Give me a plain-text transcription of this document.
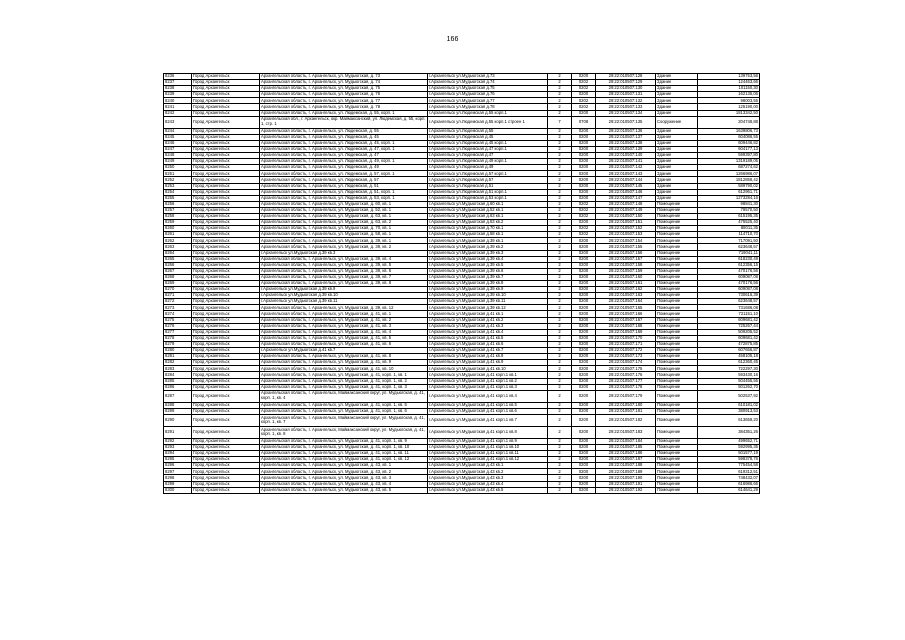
166
8236	Город Архангельск	Архангельская область, г. Архангельск, ул. Мудьюгская, д. 73	г.Архангельск ул.Мудьюгская д.73	2	0200	29:22:010507:128	Здание	139753,56
8237	Город Архангельск	Архангельская область, г. Архангельск, ул. Мудьюгская, д. 74	г.Архангельск ул.Мудьюгская д.74	2	0202	29:22:010507:129	Здание	124463,66
8238	Город Архангельск	Архангельская область, г. Архангельск, ул. Мудьюгская, д. 75	г.Архангельск ул.Мудьюгская д.75	2	0202	29:22:010507:130	Здание	101150,30
8239	Город Архангельск	Архангельская область, г. Архангельск, ул. Мудьюгская, д. 76	г.Архангельск ул.Мудьюгская д.76	2	0200	29:22:010507:131	Здание	162135,06
8240	Город Архангельск	Архангельская область, г. Архангельск, ул. Мудьюгская, д. 77	г.Архангельск ул.Мудьюгская д.77	2	0202	29:22:010507:132	Здание	98003,55
8241	Город Архангельск	Архангельская область, г. Архангельск, ул. Мудьюгская, д. 78	г.Архангельск ул.Мудьюгская д.78	2	0202	29:22:010507:133	Здание	125190,00
8242	Город Архангельск	Архангельская область, г. Архангельск, ул. Людемская, д. 55, корп. 1	г.Архангельск ул.Людемская д.55 корп.1	2	0200	29:22:010507:134	Здание	1813342,50
8243	Город Архангельск	Архангельская обл., г. Архангельск, окр. Маймаксанский, ул. Людемская, д. 55, корп. 1, стр. 1	г.Архангельск ул.Людемская д.55 корп.1 строен 1	7	0708	29:22:010507:135	Сооружение	204748,88
8244	Город Архангельск	Архангельская область, г. Архангельск, ул. Людемская, д. 55	г.Архангельск ул.Людемская д.55	2	0200	29:22:010507:136	Здание	1639806,73
8245	Город Архангельск	Архангельская область, г. Архангельск, ул. Людемская, д. 45	г.Архангельск ул.Людемская д.45	2	0200	29:22:010507:137	Здание	604086,55
8246	Город Архангельск	Архангельская область, г. Архангельск, ул. Людемская, д. 45, корп. 1	г.Архангельск ул.Людемская д.45 корп.1	2	0200	29:22:010507:138	Здание	609446,82
8247	Город Архангельск	Архангельская область, г. Архангельск, ул. Людемская, д. 47, корп. 1	г.Архангельск ул.Людемская д.47 корп.1	2	0200	29:22:010507:139	Здание	604177,13
8248	Город Архангельск	Архангельская область, г. Архангельск, ул. Людемская, д. 47	г.Архангельск ул.Людемская д.47	2	0200	29:22:010507:140	Здание	599397,80
8249	Город Архангельск	Архангельская область, г. Архангельск, ул. Людемская, д. 49, корп. 1	г.Архангельск ул.Людемская д.49 корп.1	2	0200	29:22:010507:141	Здание	1319189,05
8250	Город Архангельск	Архангельская область, г. Архангельск, ул. Людемская, д. 49	г.Архангельск ул.Людемская д.49	2	0200	29:22:010507:142	Здание	687274,62
8251	Город Архангельск	Архангельская область, г. Архангельск, ул. Людемская, д. 57, корп. 1	г.Архангельск ул.Людемская д.57 корп.1	2	0200	29:22:010507:143	Здание	1266986,07
8252	Город Архангельск	Архангельская область, г. Архангельск, ул. Людемская, д. 57	г.Архангельск ул.Людемская д.57	2	0200	29:22:010507:144	Здание	1812858,42
8253	Город Архангельск	Архангельская область, г. Архангельск, ул. Людемская, д. 51	г.Архангельск ул.Людемская д.51	2	0200	29:22:010507:145	Здание	589790,02
8254	Город Архангельск	Архангельская область, г. Архангельск, ул. Людемская, д. 51, корп. 1	г.Архангельск ул.Людемская д.51 корп.1	2	0200	29:22:010507:146	Здание	612961,71
8255	Город Архангельск	Архангельская область, г. Архангельск, ул. Людемская, д. 53, корп. 1	г.Архангельск ул.Людемская д.53 корп.1	2	0200	29:22:010507:147	Здание	1273284,16
8256	Город Архангельск	Архангельская область, г. Архангельск, ул. Мудьюгская, д. 60, кв. 1	г.Архангельск ул.Мудьюгская д.60 кв.1	2	0202	29:22:010507:148	Помещение	98841,30
8257	Город Архангельск	Архангельская область, г. Архангельск, ул. Мудьюгская, д. 52, кв. 1	г.Архангельск ул.Мудьюгская д.52 кв.1	2	0202	29:22:010507:149	Помещение	79570,50
8258	Город Архангельск	Архангельская область, г. Архангельск, ул. Мудьюгская, д. 63, кв. 1	г.Архангельск ул.Мудьюгская д.63 кв.1	2	0202	29:22:010507:150	Помещение	615195,35
8259	Город Архангельск	Архангельская область, г. Архангельск, ул. Мудьюгская, д. 63, кв. 2	г.Архангельск ул.Мудьюгская д.63 кв.2	2	0200	29:22:010507:151	Помещение	475525,40
8260	Город Архангельск	Архангельская область, г. Архангельск, ул. Мудьюгская, д. 70, кв. 1	г.Архангельск ул.Мудьюгская д.70 кв.1	2	0202	29:22:010507:152	Помещение	88011,35
8261	Город Архангельск	Архангельская область, г. Архангельск, ул. Мудьюгская, д. 58, кв. 1	г.Архангельск ул.Мудьюгская д.58 кв.1	2	0202	29:22:010507:153	Помещение	114710,70
8262	Город Архангельск	Архангельская область, г. Архангельск, ул. Мудьюгская, д. 39, кв. 1	г.Архангельск ул.Мудьюгская д.39 кв.1	2	0200	29:22:010507:154	Помещение	717091,50
8263	Город Архангельск	Архангельская область, г. Архангельск, ул. Мудьюгская, д. 39, кв. 2	г.Архангельск ул.Мудьюгская д.39 кв.2	2	0200	29:22:010507:155	Помещение	623648,57
8264	Город Архангельск	г.Архангельск ул.Мудьюгская д.39 кв.3	г.Архангельск ул.Мудьюгская д.39 кв.3	2	0200	29:22:010507:156	Помещение	719041,11
8265	Город Архангельск	Архангельская область, г. Архангельск, ул. Мудьюгская, д. 39, кв. 4	г.Архангельск ул.Мудьюгская д.39 кв.4	2	0200	29:22:010507:157	Помещение	618230,49
8266	Город Архангельск	Архангельская область, г. Архангельск, ул. Мудьюгская, д. 39, кв. 5	г.Архангельск ул.Мудьюгская д.39 кв.5	2	0200	29:22:010507:158	Помещение	612356,15
8267	Город Архангельск	Архангельская область, г. Архангельск, ул. Мудьюгская, д. 39, кв. 6	г.Архангельск ул.Мудьюгская д.39 кв.6	2	0200	29:22:010507:159	Помещение	470176,56
8268	Город Архангельск	Архангельская область, г. Архангельск, ул. Мудьюгская, д. 39, кв. 7	г.Архангельск ул.Мудьюгская д.39 кв.7	2	0200	29:22:010507:160	Помещение	609087,08
8269	Город Архангельск	Архангельская область, г. Архангельск, ул. Мудьюгская, д. 39, кв. 8	г.Архангельск ул.Мудьюгская д.39 кв.8	2	0200	29:22:010507:161	Помещение	470176,56
8270	Город Архангельск	г.Архангельск ул.Мудьюгская д.39 кв.9	г.Архангельск ул.Мудьюгская д.39 кв.9	2	0200	29:22:010507:162	Помещение	609087,08
8271	Город Архангельск	г.Архангельск ул.Мудьюгская д.39 кв.10	г.Архангельск ул.Мудьюгская д.39 кв.10	2	0200	29:22:010507:163	Помещение	730616,39
8272	Город Архангельск	г.Архангельск ул.Мудьюгская д.39 кв.11	г.Архангельск ул.Мудьюгская д.39 кв.11	2	0200	29:22:010507:164	Помещение	623648,57
8273	Город Архангельск	Архангельская область, г. Архангельск, ул. Мудьюгская, д. 39, кв. 12	г.Архангельск ул.Мудьюгская д.39 кв.12	2	0200	29:22:010507:165	Помещение	731686,08
8274	Город Архангельск	Архангельская область, г. Архангельск, ул. Мудьюгская, д. 41, кв. 1	г.Архангельск ул.Мудьюгская д.41 кв.1	2	0200	29:22:010507:166	Помещение	721151,10
8275	Город Архангельск	Архангельская область, г. Архангельск, ул. Мудьюгская, д. 41, кв. 2	г.Архангельск ул.Мудьюгская д.41 кв.2	2	0200	29:22:010507:167	Помещение	609681,42
8276	Город Архангельск	Архангельская область, г. Архангельск, ул. Мудьюгская, д. 41, кв. 3	г.Архангельск ул.Мудьюгская д.41 кв.3	2	0200	29:22:010507:168	Помещение	725267,44
8277	Город Архангельск	Архангельская область, г. Архангельск, ул. Мудьюгская, д. 41, кв. 4	г.Архангельск ул.Мудьюгская д.41 кв.4	2	0200	29:22:010507:169	Помещение	509205,52
8278	Город Архангельск	Архангельская область, г. Архангельск, ул. Мудьюгская, д. 41, кв. 5	г.Архангельск ул.Мудьюгская д.41 кв.5	2	0200	29:22:010507:170	Помещение	609681,42
8279	Город Архангельск	Архангельская область, г. Архангельск, ул. Мудьюгская, д. 41, кв. 6	г.Архангельск ул.Мудьюгская д.41 кв.6	2	0200	29:22:010507:171	Помещение	472875,85
8280	Город Архангельск	г.Архангельск ул.Мудьюгская д.41 кв.7	г.Архангельск ул.Мудьюгская д.41 кв.7	2	0200	29:22:010507:172	Помещение	607656,87
8281	Город Архангельск	Архангельская область, г. Архангельск, ул. Мудьюгская, д. 41, кв. 8	г.Архангельск ул.Мудьюгская д.41 кв.8	2	0200	29:22:010507:173	Помещение	458105,18
8282	Город Архангельск	Архангельская область, г. Архангельск, ул. Мудьюгская, д. 41, кв. 9	г.Архангельск ул.Мудьюгская д.41 кв.9	2	0200	29:22:010507:174	Помещение	612360,45
8283	Город Архангельск	Архангельская область, г. Архангельск, ул. Мудьюгская, д. 41, кв. 10	г.Архангельск ул.Мудьюгская д.41 кв.10	2	0200	29:22:010507:175	Помещение	722297,30
8284	Город Архангельск	Архангельская область, г. Архангельск, ул. Мудьюгская, д. 41, корп. 1, кв. 1	г.Архангельск ул.Мудьюгская д.41 корп.1 кв.1	2	0200	29:22:010507:176	Помещение	593430,16
8285	Город Архангельск	Архангельская область, г. Архангельск, ул. Мудьюгская, д. 41, корп. 1, кв. 2	г.Архангельск ул.Мудьюгская д.41 корп.1 кв.2	2	0200	29:22:010507:177	Помещение	504455,55
8286	Город Архангельск	Архангельская область, г. Архангельск, ул. Мудьюгская, д. 41, корп. 1, кв. 3	г.Архангельск ул.Мудьюгская д.41 корп.1 кв.3	2	0200	29:22:010507:178	Помещение	501262,70
8287	Город Архангельск	Архангельская область, г. Архангельск, Маймаксанский округ, ул. Мудьюгская, д. 41, корп. 1, кв. 4	г.Архангельск ул.Мудьюгская д.41 корп.1 кв.4	2	0200	29:22:010507:179	Помещение	502537,92
8288	Город Архангельск	Архангельская область, г. Архангельск, ул. Мудьюгская, д. 41, корп. 1, кв. 5	г.Архангельск ул.Мудьюгская д.41 корп.1 кв.5	2	0200	29:22:010507:180	Помещение	610181,02
8289	Город Архангельск	Архангельская область, г. Архангельск, ул. Мудьюгская, д. 41, корп. 1, кв. 6	г.Архангельск ул.Мудьюгская д.41 корп.1 кв.6	2	0200	29:22:010507:181	Помещение	380913,53
8290	Город Архангельск	Архангельская область, г. Архангельск, Маймаксанский округ, ул. Мудьюгская, д. 41, корп. 1, кв. 7	г.Архангельск ул.Мудьюгская д.41 корп.1 кв.7	2	0200	29:22:010507:182	Помещение	613659,20
8291	Город Архангельск	Архангельская область, г. Архангельск, Маймаксанский округ, ул. Мудьюгская, д. 41, корп. 1, кв. 8	г.Архангельск ул.Мудьюгская д.41 корп.1 кв.8	2	0200	29:22:010507:183	Помещение	384351,26
8292	Город Архангельск	Архангельская область, г. Архангельск, ул. Мудьюгская, д. 41, корп. 1, кв. 9	г.Архангельск ул.Мудьюгская д.41 корп.1 кв.9	2	0200	29:22:010507:184	Помещение	499652,71
8293	Город Архангельск	Архангельская область, г. Архангельск, ул. Мудьюгская, д. 41, корп. 1, кв. 10	г.Архангельск ул.Мудьюгская д.41 корп.1 кв.10	2	0200	29:22:010507:185	Помещение	592995,35
8294	Город Архангельск	Архангельская область, г. Архангельск, ул. Мудьюгская, д. 41, корп. 1, кв. 11	г.Архангельск ул.Мудьюгская д.41 корп.1 кв.11	2	0200	29:22:010507:186	Помещение	501577,19
8295	Город Архангельск	Архангельская область, г. Архангельск, ул. Мудьюгская, д. 41, корп. 1, кв. 12	г.Архангельск ул.Мудьюгская д.41 корп.1 кв.12	2	0200	29:22:010507:187	Помещение	598378,76
8296	Город Архангельск	Архангельская область, г. Архангельск, ул. Мудьюгская, д. 43, кв. 1	г.Архангельск ул.Мудьюгская д.43 кв.1	2	0200	29:22:010507:188	Помещение	775454,58
8297	Город Архангельск	Архангельская область, г. Архангельск, ул. Мудьюгская, д. 43, кв. 2	г.Архангельск ул.Мудьюгская д.43 кв.2	2	0200	29:22:010507:189	Помещение	619312,51
8298	Город Архангельск	Архангельская область, г. Архангельск, ул. Мудьюгская, д. 43, кв. 3	г.Архангельск ул.Мудьюгская д.43 кв.3	2	0200	29:22:010507:190	Помещение	748432,07
8299	Город Архангельск	Архангельская область, г. Архангельск, ул. Мудьюгская, д. 43, кв. 4	г.Архангельск ул.Мудьюгская д.43 кв.4	2	0200	29:22:010507:191	Помещение	616986,66
8300	Город Архангельск	Архангельская область, г. Архангельск, ул. Мудьюгская, д. 43, кв. 5	г.Архангельск ул.Мудьюгская д.43 кв.5	2	0200	29:22:010507:192	Помещение	614641,29
